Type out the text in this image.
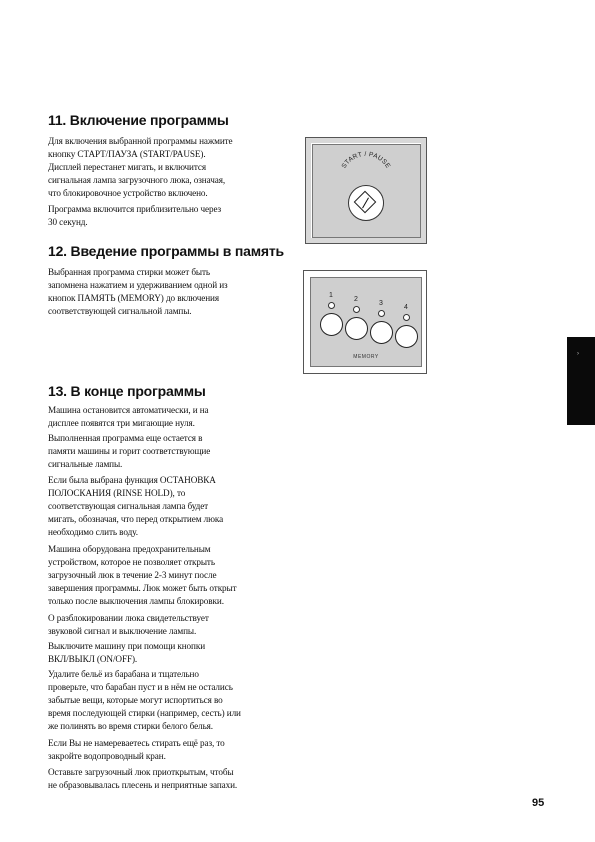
11. Включение программы

Для включения выбранной программы нажмите
кнопку СТАРТ/ПАУЗА (START/PAUSE).
Дисплей перестанет мигать, и включится
сигнальная лампа загрузочного люка, означая,
что блокировочное устройство включено.

Программа включится приблизительно через
30 секунд.

12. Введение программы в память

Выбранная программа стирки может быть
запомнена нажатием и удерживанием одной из
кнопок ПАМЯТЬ (MEMORY) до включения
соответствующей сигнальной лампы.

13. В конце программы

Машина остановится автоматически, и на
дисплее появятся три мигающие нуля.

Выполненная программа еще остается в
памяти машины и горит соответствующие
сигнальные лампы.

Если была выбрана функция ОСТАНОВКА
ПОЛОСКАНИЯ (RINSE HOLD), то
соответствующая сигнальная лампа будет
мигать, обозначая, что перед открытием люка
необходимо слить воду.

Машина оборудована предохранительным
устройством, которое не позволяет открыть
загрузочный люк в течение 2-3 минут после
завершения программы. Люк может быть открыт
только после выключения лампы блокировки.

О разблокировании люка свидетельствует
звуковой сигнал и выключение лампы.

Выключите машину при помощи кнопки
ВКЛ/ВЫКЛ (ON/OFF).

Удалите бельё из барабана и тщательно
проверьте, что барабан пуст и в нём не остались
забытые вещи, которые могут испортиться во
время последующей стирки (например, сесть) или
же полинять во время стирки белого белья.

Если Вы не намереваетесь стирать ещё раз, то
закройте водопроводный кран.

Оставьте загрузочный люк приоткрытым, чтобы
не образовывалась плесень и неприятные запахи.

START / PAUSE
1
2
3
4
MEMORY	›
95
